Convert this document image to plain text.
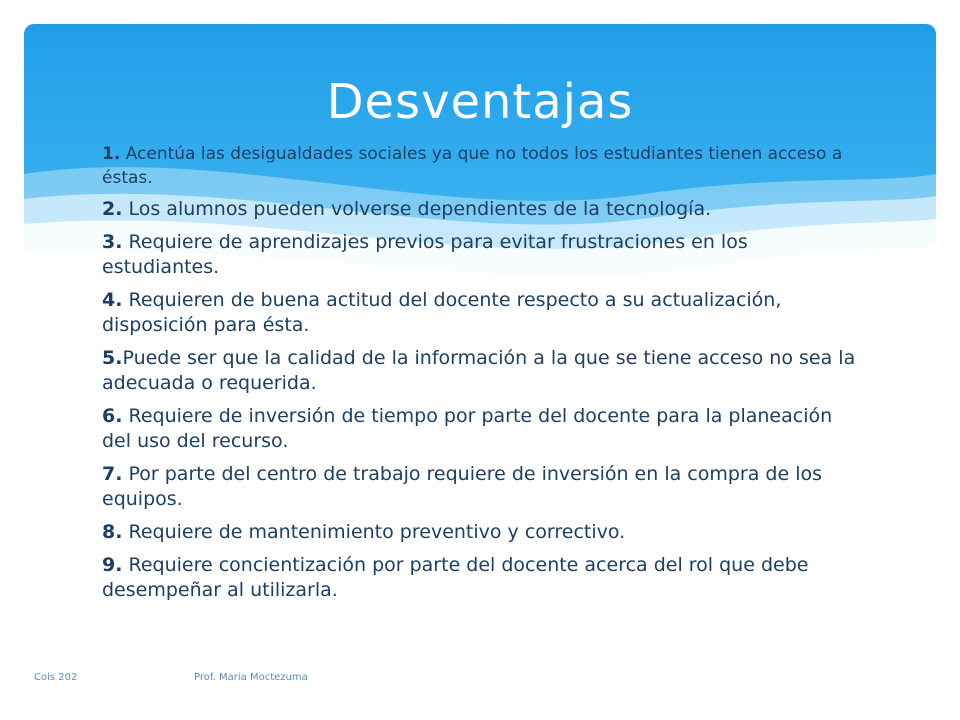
Desventajas
1. Acentúa las desigualdades sociales ya que no todos los estudiantes tienen acceso a éstas.
2. Los alumnos pueden volverse dependientes de la tecnología.
3. Requiere de aprendizajes previos para evitar frustraciones en los estudiantes.
4. Requieren de buena actitud del docente respecto a su actualización, disposición para ésta.
5.Puede ser que la calidad de la información a la que se tiene acceso no sea la adecuada o requerida.
6. Requiere de inversión de tiempo por parte del docente para la planeación del uso del recurso.
7. Por parte del centro de trabajo requiere de inversión en la compra de los equipos.
8. Requiere de mantenimiento preventivo y correctivo.
9. Requiere concientización por parte del docente acerca del rol que debe desempeñar al utilizarla.
Cois 202	Prof. Maria Moctezuma
